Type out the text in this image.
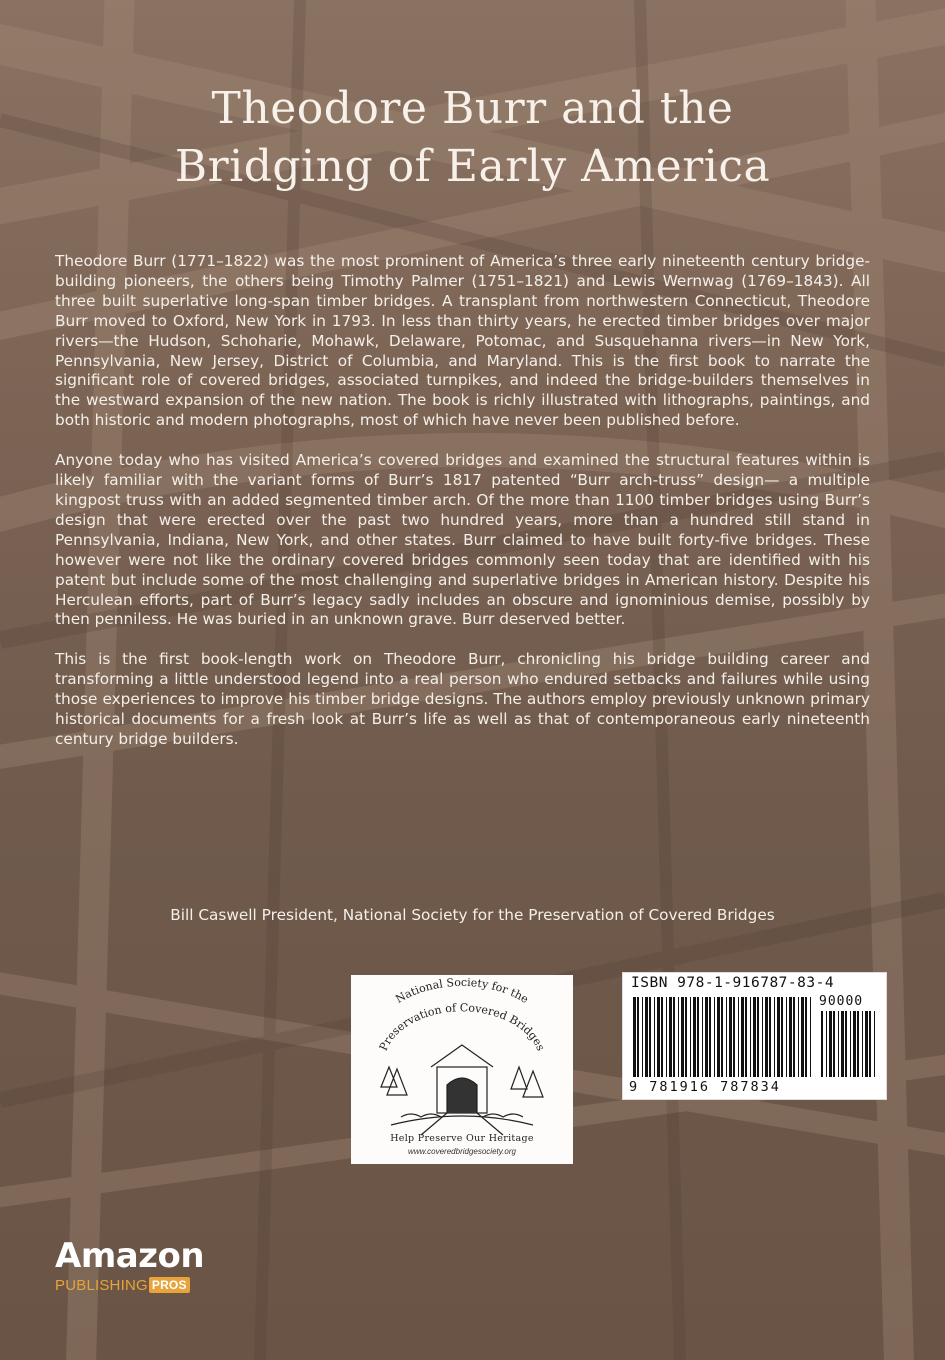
Theodore Burr and the
Bridging of Early America

Theodore Burr (1771–1822) was the most prominent of America’s three early nineteenth century bridge-building pioneers, the others being Timothy Palmer (1751–1821) and Lewis Wernwag (1769–1843). All three built superlative long-span timber bridges. A transplant from northwestern Connecticut, Theodore Burr moved to Oxford, New York in 1793. In less than thirty years, he erected timber bridges over major rivers—the Hudson, Schoharie, Mohawk, Delaware, Potomac, and Susquehanna rivers—in New York, Pennsylvania, New Jersey, District of Columbia, and Maryland. This is the first book to narrate the significant role of covered bridges, associated turnpikes, and indeed the bridge-builders themselves in the westward expansion of the new nation. The book is richly illustrated with lithographs, paintings, and both historic and modern photographs, most of which have never been published before.

Anyone today who has visited America’s covered bridges and examined the structural features within is likely familiar with the variant forms of Burr’s 1817 patented “Burr arch-truss” design— a multiple kingpost truss with an added segmented timber arch. Of the more than 1100 timber bridges using Burr’s design that were erected over the past two hundred years, more than a hundred still stand in Pennsylvania, Indiana, New York, and other states. Burr claimed to have built forty-five bridges. These however were not like the ordinary covered bridges commonly seen today that are identified with his patent but include some of the most challenging and superlative bridges in American history. Despite his Herculean efforts, part of Burr’s legacy sadly includes an obscure and ignominious demise, possibly by then penniless. He was buried in an unknown grave. Burr deserved better.

This is the first book-length work on Theodore Burr, chronicling his bridge building career and transforming a little understood legend into a real person who endured setbacks and failures while using those experiences to improve his timber bridge designs. The authors employ previously unknown primary historical documents for a fresh look at Burr’s life as well as that of contemporaneous early nineteenth century bridge builders.

Bill Caswell President, National Society for the Preservation of Covered Bridges
National Society for the
Preservation of Covered Bridges
Help Preserve Our Heritage
www.coveredbridgesociety.org
ISBN 978-1-916787-83-4
90000
9 781916 787834
Amazon
PUBLISHING PROS
